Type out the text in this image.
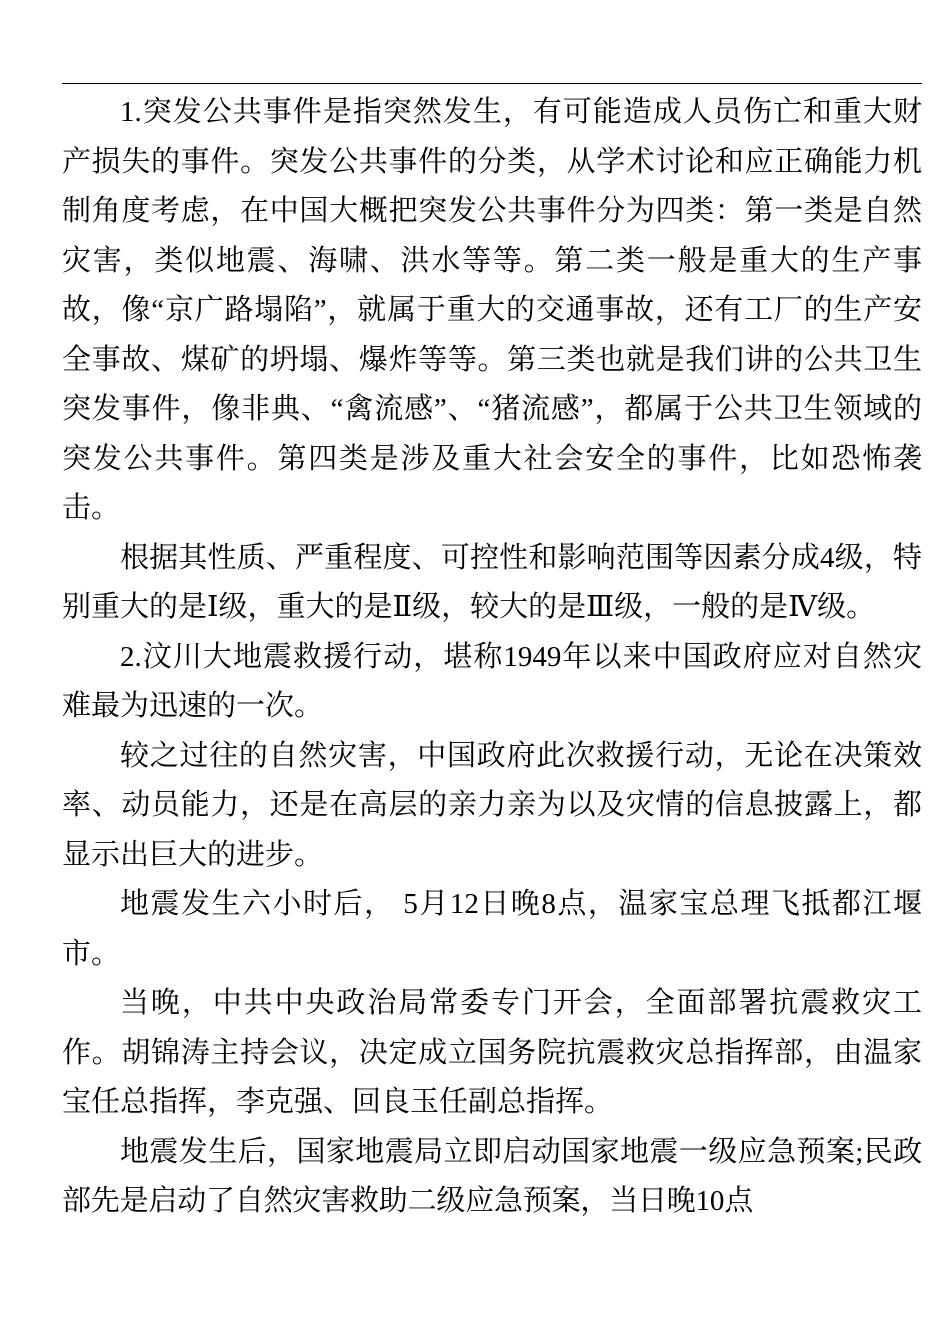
1.突发公共事件是指突然发生，有可能造成人员伤亡和重大财产损失的事件。突发公共事件的分类，从学术讨论和应正确能力机制角度考虑，在中国大概把突发公共事件分为四类：第一类是自然灾害，类似地震、海啸、洪水等等。第二类一般是重大的生产事故，像“京广路塌陷”，就属于重大的交通事故，还有工厂的生产安全事故、煤矿的坍塌、爆炸等等。第三类也就是我们讲的公共卫生突发事件，像非典、“禽流感”、“猪流感”，都属于公共卫生领域的突发公共事件。第四类是涉及重大社会安全的事件，比如恐怖袭击。

根据其性质、严重程度、可控性和影响范围等因素分成4级，特别重大的是Ⅰ级，重大的是Ⅱ级，较大的是Ⅲ级，一般的是Ⅳ级。

2.汶川大地震救援行动，堪称1949年以来中国政府应对自然灾难最为迅速的一次。

较之过往的自然灾害，中国政府此次救援行动，无论在决策效率、动员能力，还是在高层的亲力亲为以及灾情的信息披露上，都显示出巨大的进步。

地震发生六小时后， 5月12日晚8点，温家宝总理飞抵都江堰市。

当晚，中共中央政治局常委专门开会，全面部署抗震救灾工作。胡锦涛主持会议，决定成立国务院抗震救灾总指挥部，由温家宝任总指挥，李克强、回良玉任副总指挥。

地震发生后，国家地震局立即启动国家地震一级应急预案;民政部先是启动了自然灾害救助二级应急预案，当日晚10点
